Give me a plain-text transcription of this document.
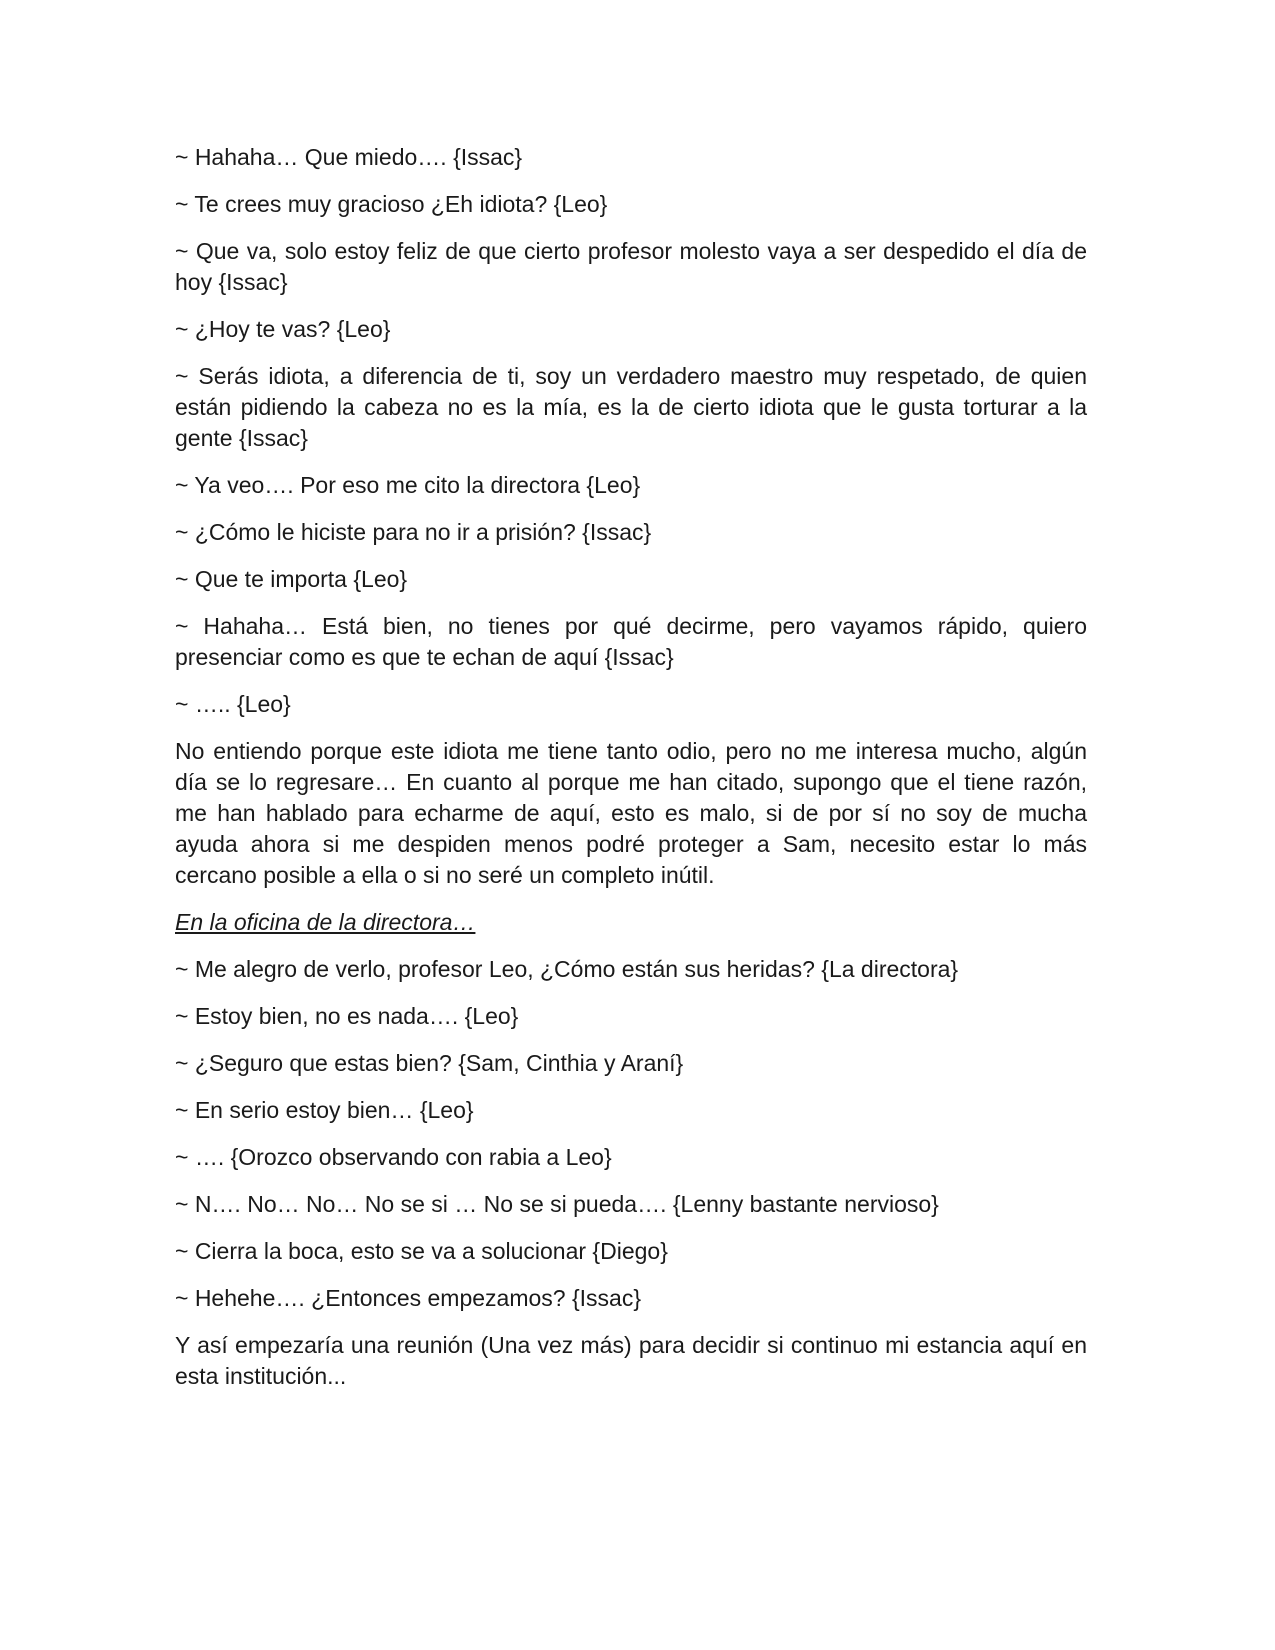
~ Hahaha… Que miedo…. {Issac}

~ Te crees muy gracioso ¿Eh idiota? {Leo}

~ Que va, solo estoy feliz de que cierto profesor molesto vaya a ser despedido el día de hoy {Issac}

~ ¿Hoy te vas? {Leo}

~ Serás idiota, a diferencia de ti, soy un verdadero maestro muy respetado, de quien están pidiendo la cabeza no es la mía, es la de cierto idiota que le gusta torturar a la gente {Issac}

~ Ya veo…. Por eso me cito la directora {Leo}

~ ¿Cómo le hiciste para no ir a prisión? {Issac}

~ Que te importa {Leo}

~ Hahaha… Está bien, no tienes por qué decirme, pero vayamos rápido, quiero presenciar como es que te echan de aquí {Issac}

~ ….. {Leo}

No entiendo porque este idiota me tiene tanto odio, pero no me interesa mucho, algún día se lo regresare… En cuanto al porque me han citado, supongo que el tiene razón, me han hablado para echarme de aquí, esto es malo, si de por sí no soy de mucha ayuda ahora si me despiden menos podré proteger a Sam, necesito estar lo más cercano posible a ella o si no seré un completo inútil.

En la oficina de la directora…

~ Me alegro de verlo, profesor Leo, ¿Cómo están sus heridas? {La directora}

~ Estoy bien, no es nada…. {Leo}

~ ¿Seguro que estas bien? {Sam, Cinthia y Araní}

~ En serio estoy bien… {Leo}

~ …. {Orozco observando con rabia a Leo}

~ N…. No… No… No se si … No se si pueda…. {Lenny bastante nervioso}

~ Cierra la boca, esto se va a solucionar {Diego}

~ Hehehe…. ¿Entonces empezamos? {Issac}

Y así empezaría una reunión (Una vez más) para decidir si continuo mi estancia aquí en esta institución...
